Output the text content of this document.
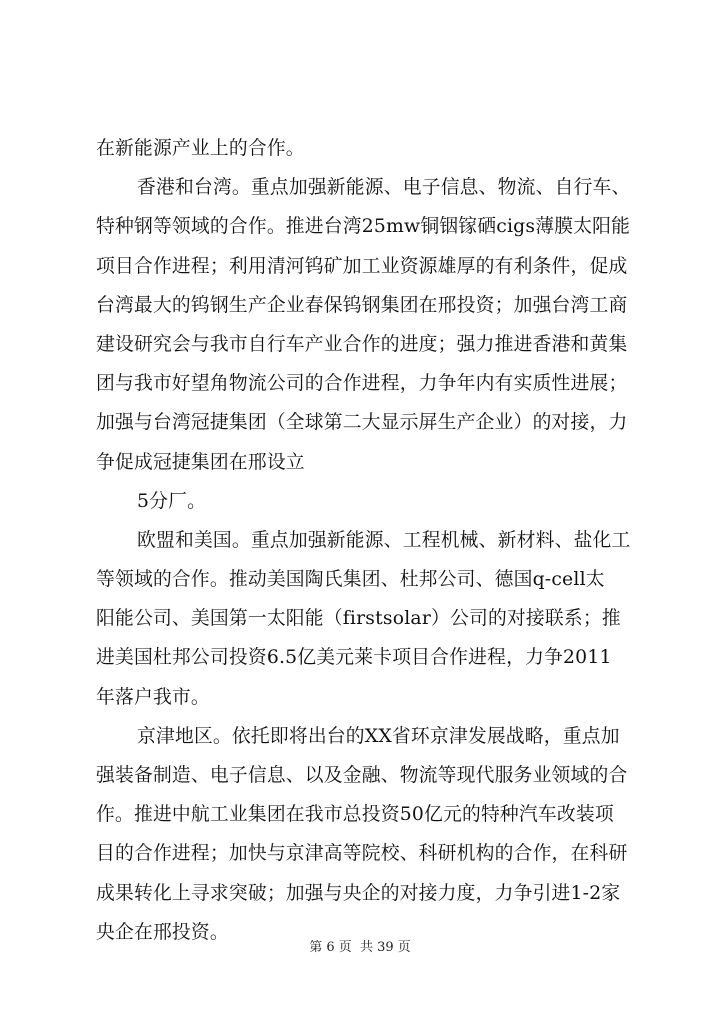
在新能源产业上的合作。
香港和台湾。重点加强新能源、电子信息、物流、自行车、
特种钢等领域的合作。推进台湾25mw铜铟镓硒cigs薄膜太阳能
项目合作进程；利用清河钨矿加工业资源雄厚的有利条件，促成
台湾最大的钨钢生产企业春保钨钢集团在邢投资；加强台湾工商
建设研究会与我市自行车产业合作的进度；强力推进香港和黄集
团与我市好望角物流公司的合作进程，力争年内有实质性进展；
加强与台湾冠捷集团（全球第二大显示屏生产企业）的对接，力
争促成冠捷集团在邢设立
5分厂。
欧盟和美国。重点加强新能源、工程机械、新材料、盐化工
等领域的合作。推动美国陶氏集团、杜邦公司、德国q-cell太
阳能公司、美国第一太阳能（firstsolar）公司的对接联系；推
进美国杜邦公司投资6.5亿美元莱卡项目合作进程，力争2011
年落户我市。
京津地区。依托即将出台的XX省环京津发展战略，重点加
强装备制造、电子信息、以及金融、物流等现代服务业领域的合
作。推进中航工业集团在我市总投资50亿元的特种汽车改装项
目的合作进程；加快与京津高等院校、科研机构的合作，在科研
成果转化上寻求突破；加强与央企的对接力度，力争引进1-2家
央企在邢投资。
第 6 页  共 39 页
